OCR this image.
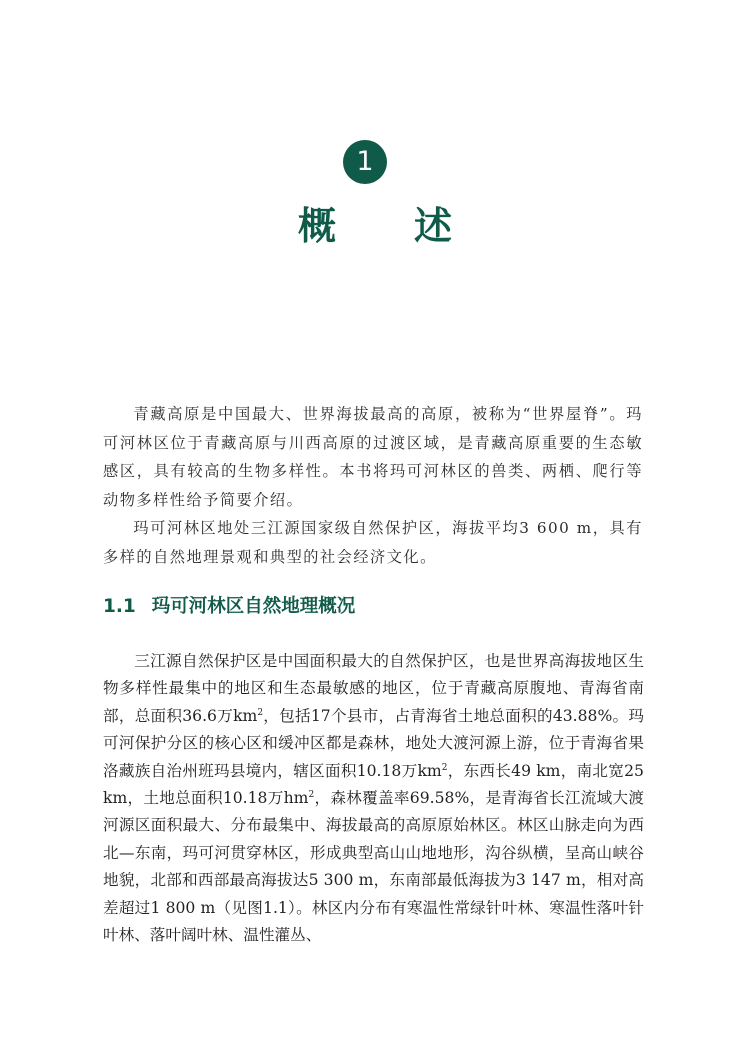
1
概述

青藏高原是中国最大、世界海拔最高的高原，被称为“世界屋脊”。玛可河林区位于青藏高原与川西高原的过渡区域，是青藏高原重要的生态敏感区，具有较高的生物多样性。本书将玛可河林区的兽类、两栖、爬行等动物多样性给予简要介绍。

玛可河林区地处三江源国家级自然保护区，海拔平均3 600 m，具有多样的自然地理景观和典型的社会经济文化。

1.1 玛可河林区自然地理概况

三江源自然保护区是中国面积最大的自然保护区，也是世界高海拔地区生物多样性最集中的地区和生态最敏感的地区，位于青藏高原腹地、青海省南部，总面积36.6万$km^2$，包括17个县市，占青海省土地总面积的43.88%。玛可河保护分区的核心区和缓冲区都是森林，地处大渡河源上游，位于青海省果洛藏族自治州班玛县境内，辖区面积10.18万$km^2$，东西长49 km，南北宽25 km，土地总面积10.18万$hm^2$，森林覆盖率69.58%，是青海省长江流域大渡河源区面积最大、分布最集中、海拔最高的高原原始林区。林区山脉走向为西北—东南，玛可河贯穿林区，形成典型高山山地地形，沟谷纵横，呈高山峡谷地貌，北部和西部最高海拔达5 300 m，东南部最低海拔为3 147 m，相对高差超过1 800 m（见图1.1）。林区内分布有寒温性常绿针叶林、寒温性落叶针叶林、落叶阔叶林、温性灌丛、
